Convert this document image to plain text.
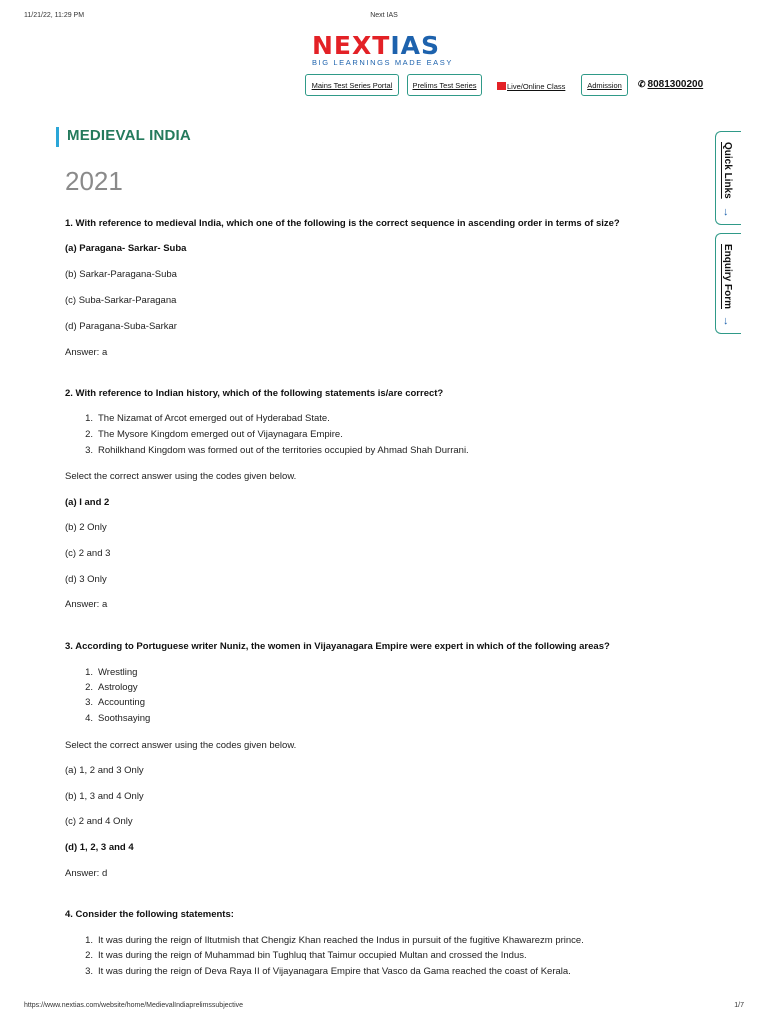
11/21/22, 11:29 PM	Next IAS
NEXTIAS
BIG LEARNINGS MADE EASY
Mains Test Series Portal	Prelims Test Series	Live/Online Class	Admission	✆ 8081300200
MEDIEVAL INDIA
2021	Quick Links
↓
Enquiry Form
↓
1. With reference to medieval India, which one of the following is the correct sequence in ascending order in terms of size?
(a) Paragana- Sarkar- Suba
(b) Sarkar-Paragana-Suba
(c) Suba-Sarkar-Paragana
(d) Paragana-Suba-Sarkar
Answer: a
2. With reference to Indian history, which of the following statements is/are correct?
1. The Nizamat of Arcot emerged out of Hyderabad State.
2. The Mysore Kingdom emerged out of Vijaynagara Empire.
3. Rohilkhand Kingdom was formed out of the territories occupied by Ahmad Shah Durrani.
Select the correct answer using the codes given below.
(a) I and 2
(b) 2 Only
(c) 2 and 3
(d) 3 Only
Answer: a
3. According to Portuguese writer Nuniz, the women in Vijayanagara Empire were expert in which of the following areas?
1. Wrestling
2. Astrology
3. Accounting
4. Soothsaying
Select the correct answer using the codes given below.
(a) 1, 2 and 3 Only
(b) 1, 3 and 4 Only
(c) 2 and 4 Only
(d) 1, 2, 3 and 4
Answer: d
4. Consider the following statements:
1. It was during the reign of Iltutmish that Chengiz Khan reached the Indus in pursuit of the fugitive Khawarezm prince.
2. It was during the reign of Muhammad bin Tughluq that Taimur occupied Multan and crossed the Indus.
3. It was during the reign of Deva Raya II of Vijayanagara Empire that Vasco da Gama reached the coast of Kerala.
https://www.nextias.com/website/home/MedievalIndiaprelimssubjective	1/7
